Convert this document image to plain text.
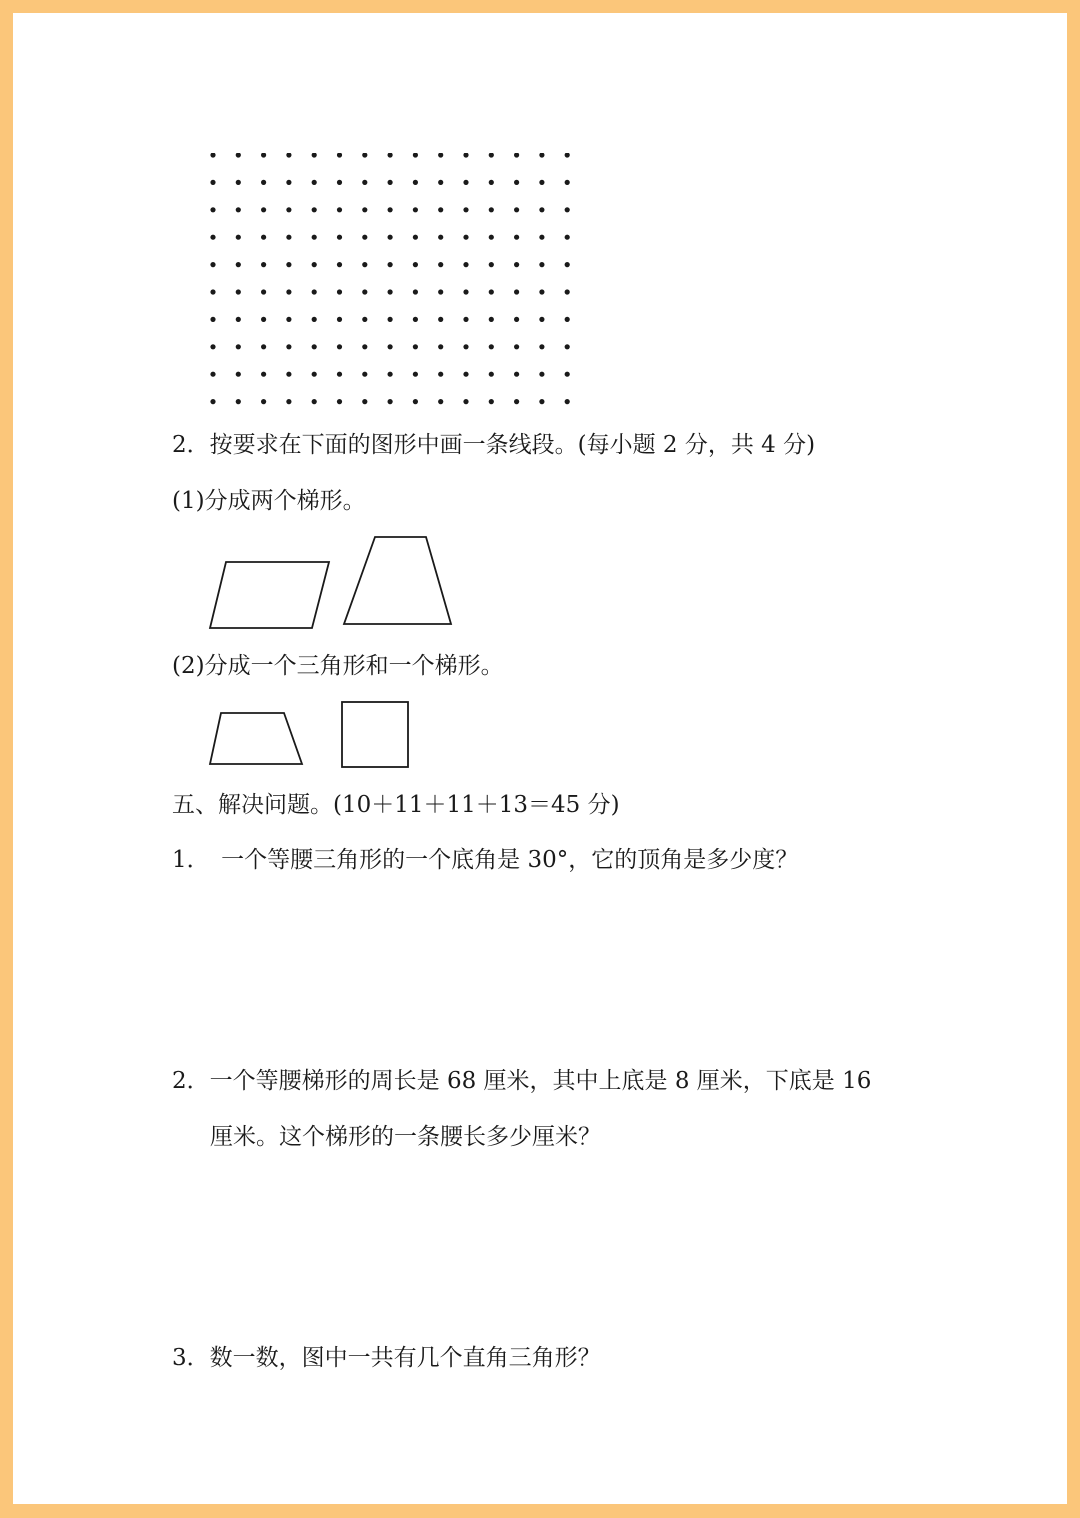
2．按要求在下面的图形中画一条线段。(每小题 2 分，共 4 分)

(1)分成两个梯形。

(2)分成一个三角形和一个梯形。

五、解决问题。(10＋11＋11＋13＝45 分)

1．　一个等腰三角形的一个底角是 30°，它的顶角是多少度？

2．一个等腰梯形的周长是 68 厘米，其中上底是 8 厘米，下底是 16

厘米。这个梯形的一条腰长多少厘米？

3．数一数，图中一共有几个直角三角形？
